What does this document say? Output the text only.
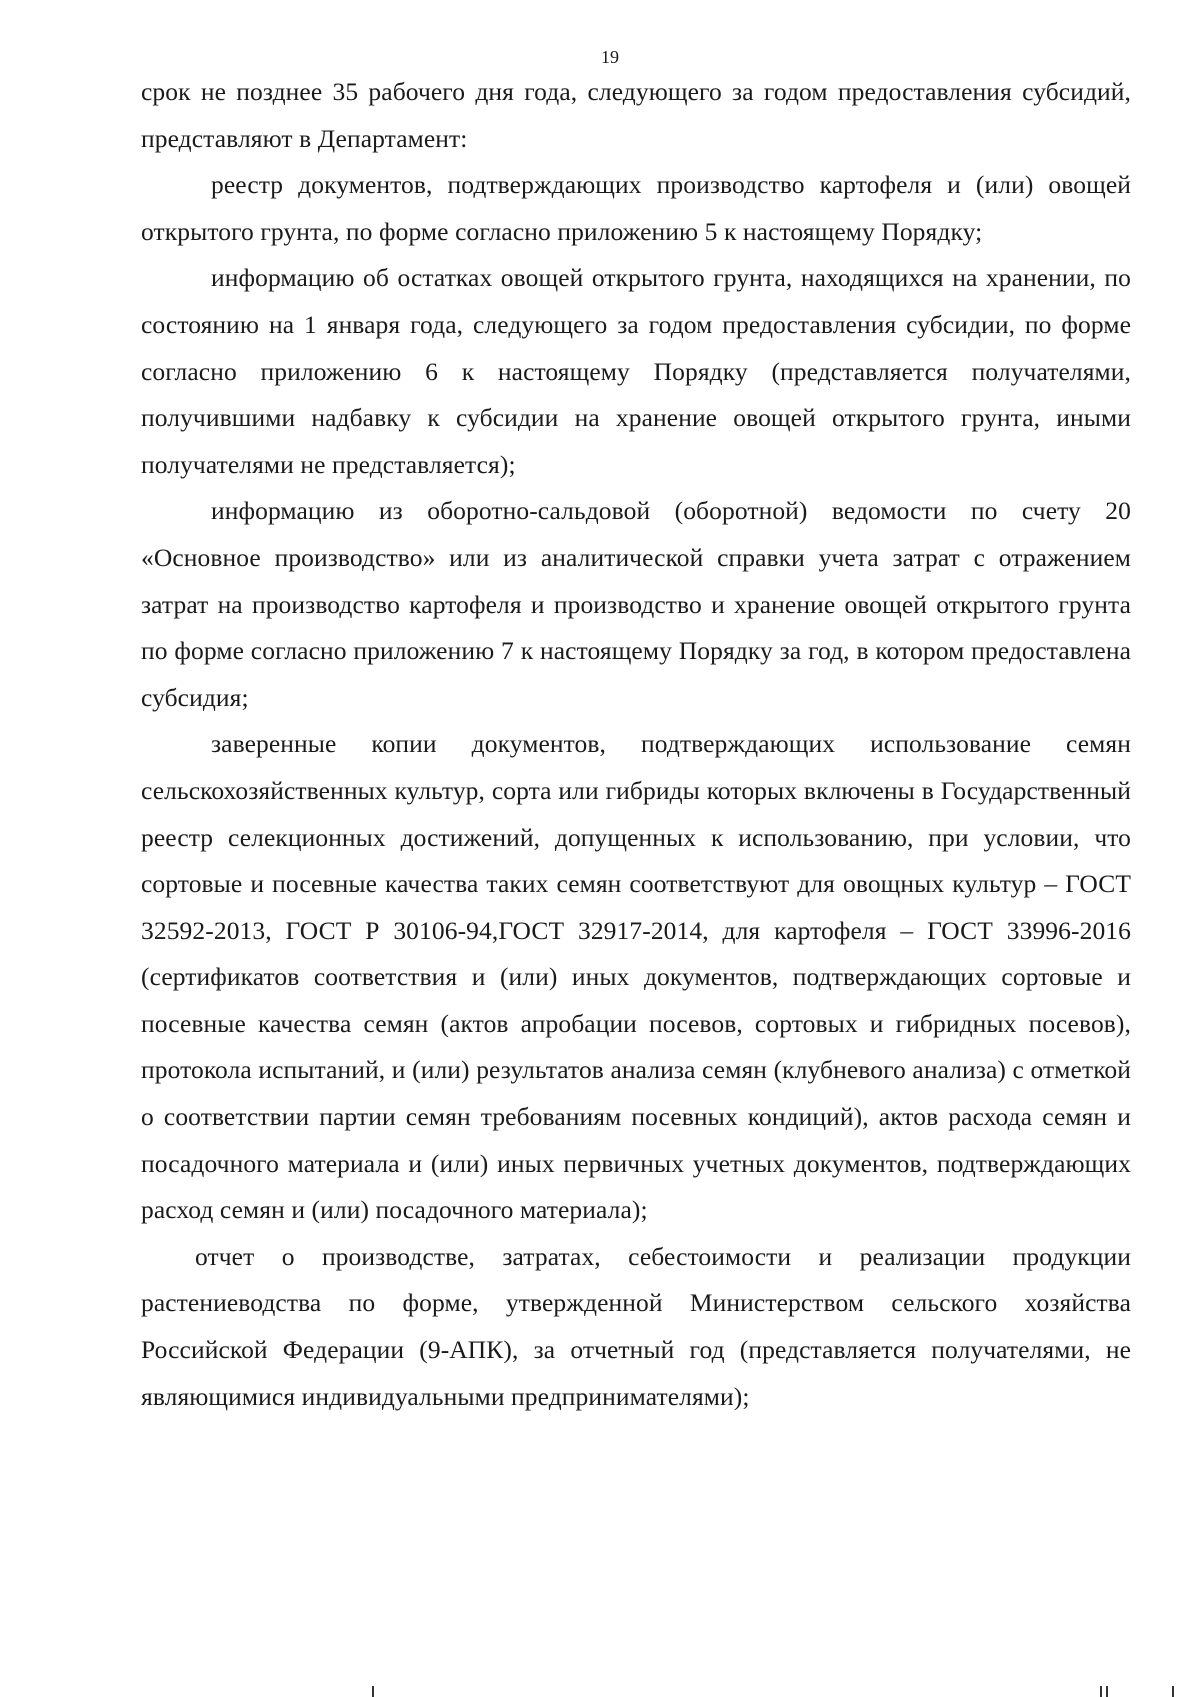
19

срок не позднее 35 рабочего дня года, следующего за годом предоставления субсидий, представляют в Департамент:

реестр документов, подтверждающих производство картофеля и (или) овощей открытого грунта, по форме согласно приложению 5 к настоящему Порядку;

информацию об остатках овощей открытого грунта, находящихся на хранении, по состоянию на 1 января года, следующего за годом предоставления субсидии, по форме согласно приложению 6 к настоящему Порядку (представляется получателями, получившими надбавку к субсидии на хранение овощей открытого грунта, иными получателями не представляется);

информацию из оборотно-сальдовой (оборотной) ведомости по счету 20 «Основное производство» или из аналитической справки учета затрат с отражением затрат на производство картофеля и производство и хранение овощей открытого грунта по форме согласно приложению 7 к настоящему Порядку за год, в котором предоставлена субсидия;

заверенные копии документов, подтверждающих использование семян сельскохозяйственных культур, сорта или гибриды которых включены в Государственный реестр селекционных достижений, допущенных к использованию, при условии, что сортовые и посевные качества таких семян соответствуют для овощных культур – ГОСТ 32592-2013, ГОСТ Р 30106-94,ГОСТ 32917-2014, для картофеля – ГОСТ 33996-2016 (сертификатов соответствия и (или) иных документов, подтверждающих сортовые и посевные качества семян (актов апробации посевов, сортовых и гибридных посевов), протокола испытаний, и (или) результатов анализа семян (клубневого анализа) с отметкой о соответствии партии семян требованиям посевных кондиций), актов расхода семян и посадочного материала и (или) иных первичных учетных документов, подтверждающих расход семян и (или) посадочного материала);

отчет о производстве, затратах, себестоимости и реализации продукции растениеводства по форме, утвержденной Министерством сельского хозяйства Российской Федерации (9-АПК), за отчетный год (представляется получателями, не являющимися индивидуальными предпринимателями);
